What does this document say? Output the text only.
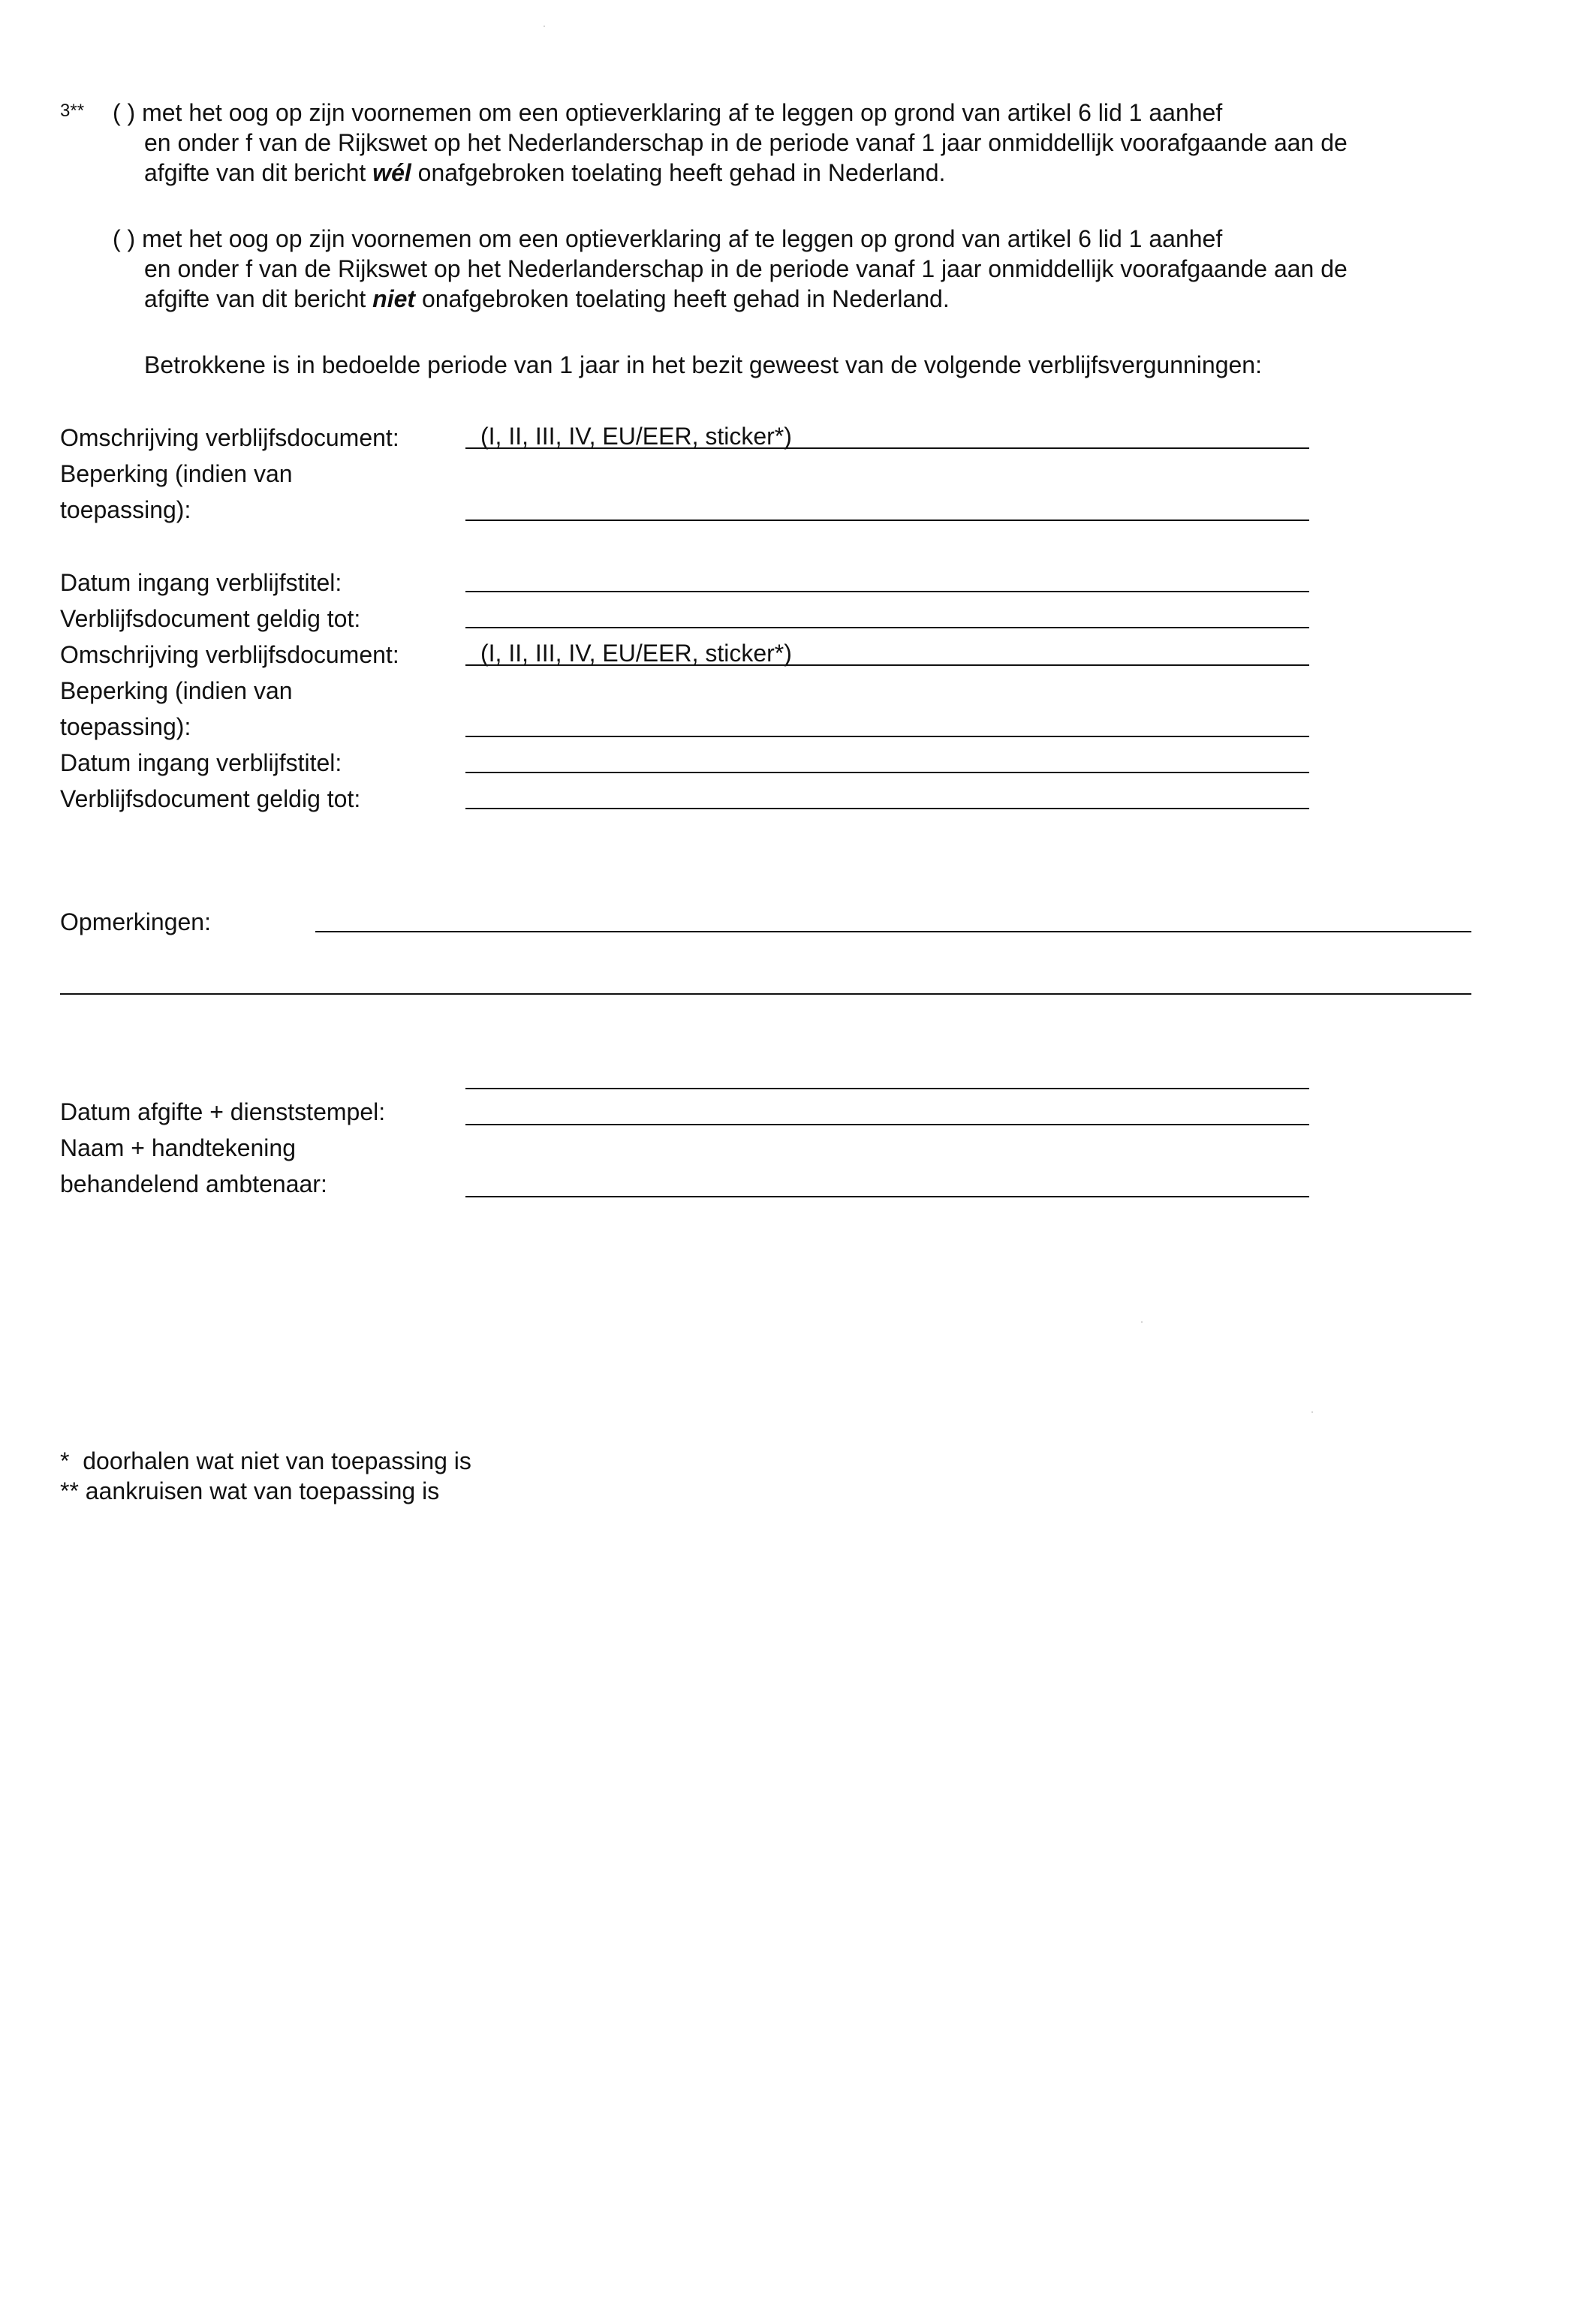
3** ( ) met het oog op zijn voornemen om een optieverklaring af te leggen op grond van artikel 6 lid 1 aanhef
en onder f van de Rijkswet op het Nederlanderschap in de periode vanaf 1 jaar onmiddellijk voorafgaande aan de
afgifte van dit bericht wél onafgebroken toelating heeft gehad in Nederland.
( ) met het oog op zijn voornemen om een optieverklaring af te leggen op grond van artikel 6 lid 1 aanhef
en onder f van de Rijkswet op het Nederlanderschap in de periode vanaf 1 jaar onmiddellijk voorafgaande aan de
afgifte van dit bericht niet onafgebroken toelating heeft gehad in Nederland.
Betrokkene is in bedoelde periode van 1 jaar in het bezit geweest van de volgende verblijfsvergunningen:
Omschrijving verblijfsdocument:	(I, II, III, IV, EU/EER, sticker*)
Beperking (indien van
toepassing):
Datum ingang verblijfstitel:
Verblijfsdocument geldig tot:
Omschrijving verblijfsdocument:	(I, II, III, IV, EU/EER, sticker*)
Beperking (indien van
toepassing):
Datum ingang verblijfstitel:
Verblijfsdocument geldig tot:
Opmerkingen:
Datum afgifte + dienststempel:
Naam + handtekening
behandelend ambtenaar:
*  doorhalen wat niet van toepassing is
** aankruisen wat van toepassing is
